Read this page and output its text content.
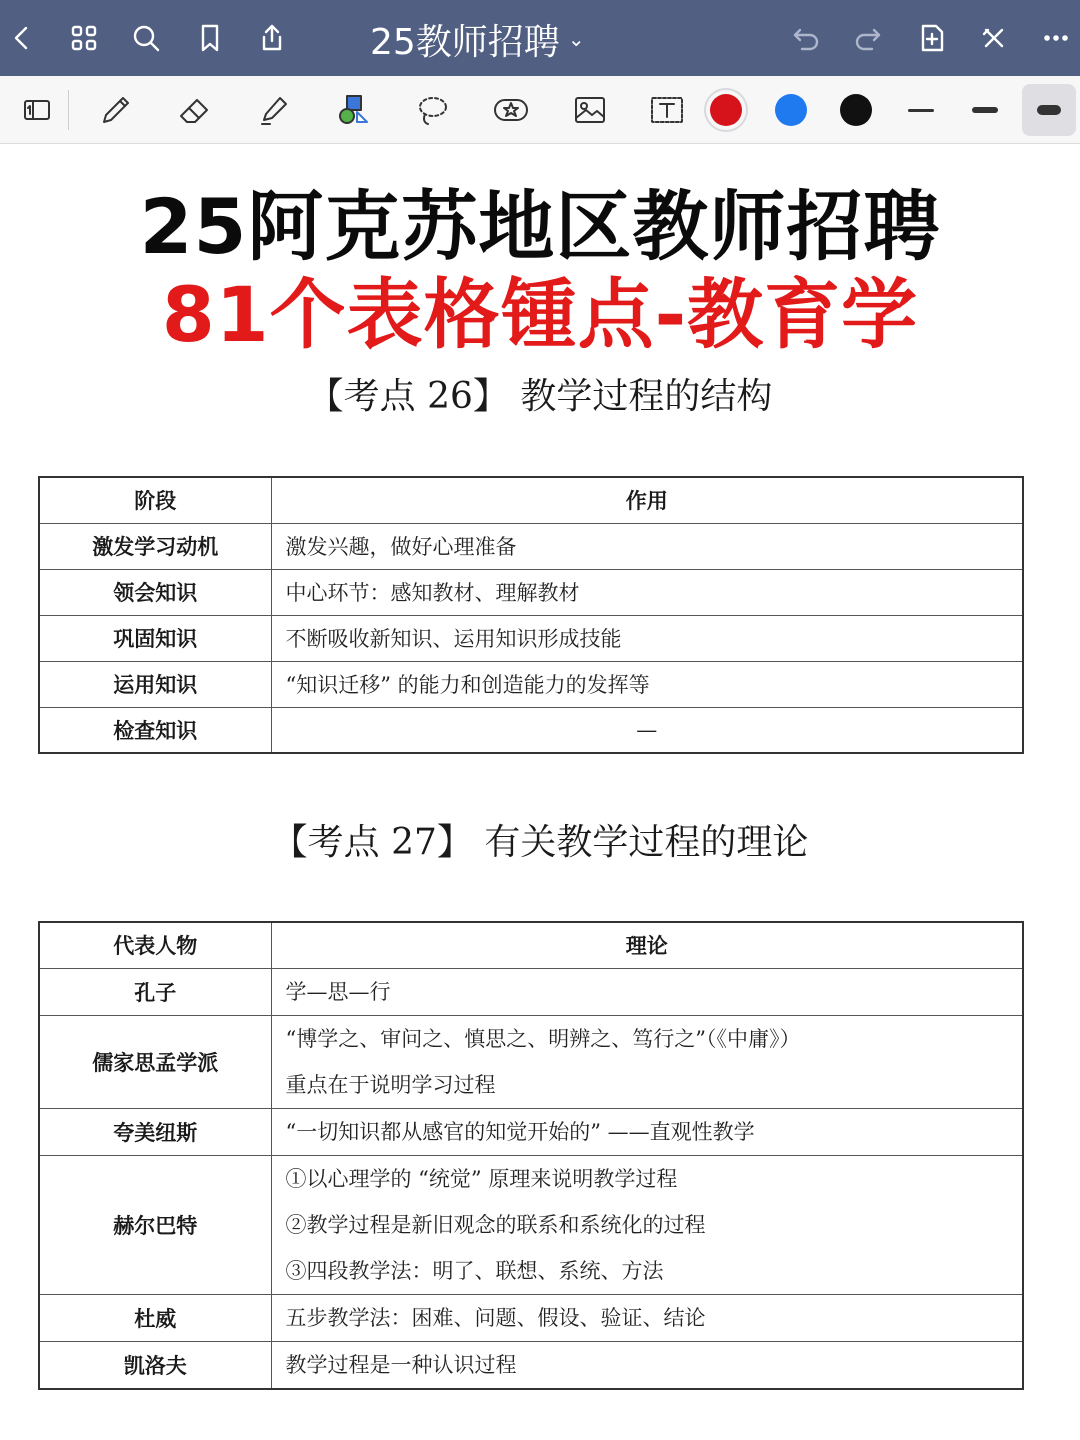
25教师招聘 ⌄
25阿克苏地区教师招聘
81个表格锺点-教育学
【考点 26】 教学过程的结构
阶段	作用
激发学习动机	激发兴趣，做好心理准备
领会知识	中心环节：感知教材、理解教材
巩固知识	不断吸收新知识、运用知识形成技能
运用知识	“知识迁移” 的能力和创造能力的发挥等
检查知识	—
【考点 27】 有关教学过程的理论
代表人物	理论
孔子	学—思—行

儒家思孟学派	“博学之、审问之、慎思之、明辨之、笃行之”（《中庸》）
重点在于说明学习过程

夸美纽斯	“一切知识都从感官的知觉开始的” ——直观性教学

赫尔巴特	①以心理学的 “统觉” 原理来说明教学过程
②教学过程是新旧观念的联系和系统化的过程
③四段教学法：明了、联想、系统、方法

杜威	五步教学法：困难、问题、假设、验证、结论

凯洛夫	教学过程是一种认识过程
